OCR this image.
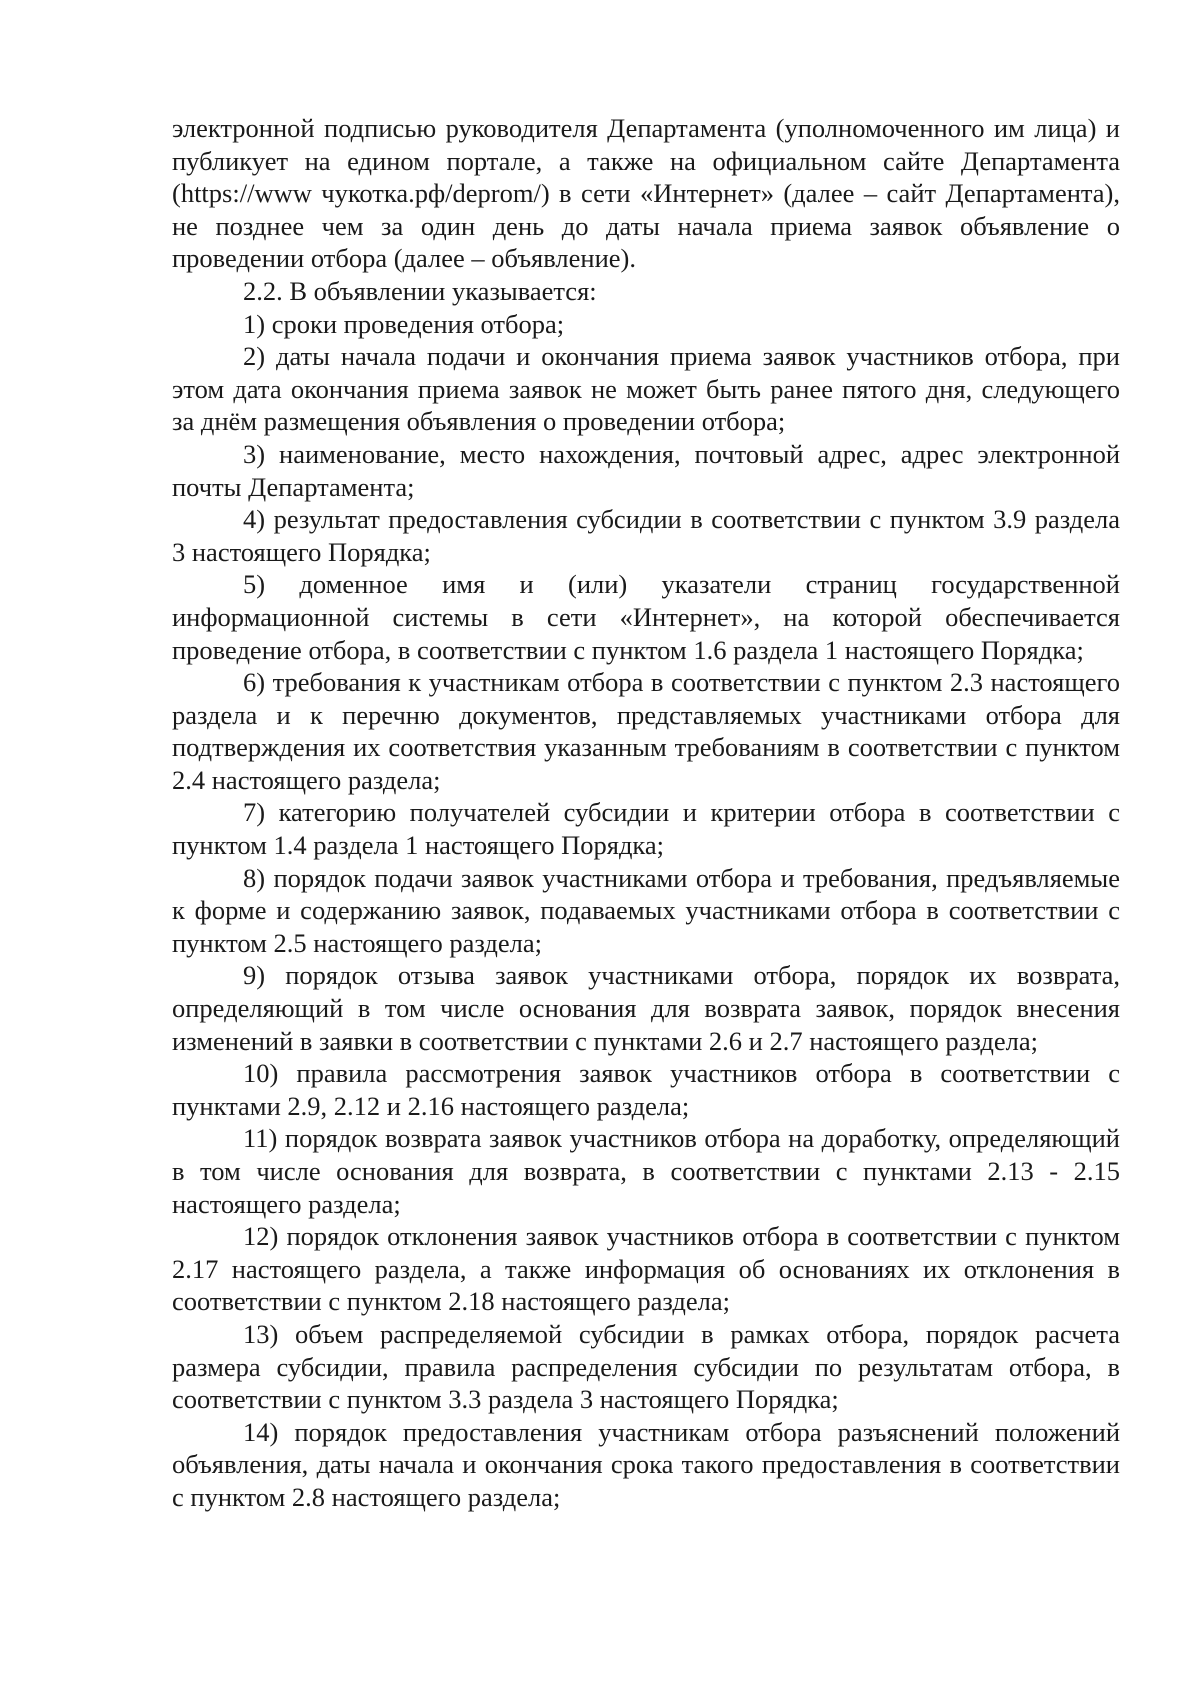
электронной подписью руководителя Департамента (уполномоченного им лица) и публикует на едином портале, а также на официальном сайте Департамента (https://www чукотка.рф/deprom/) в сети «Интернет» (далее – сайт Департамента), не позднее чем за один день до даты начала приема заявок объявление о проведении отбора (далее – объявление).

2.2. В объявлении указывается:

1) сроки проведения отбора;

2) даты начала подачи и окончания приема заявок участников отбора, при этом дата окончания приема заявок не может быть ранее пятого дня, следующего за днём размещения объявления о проведении отбора;

3) наименование, место нахождения, почтовый адрес, адрес электронной почты Департамента;

4) результат предоставления субсидии в соответствии с пунктом 3.9 раздела 3 настоящего Порядка;

5) доменное имя и (или) указатели страниц государственной информационной системы в сети «Интернет», на которой обеспечивается проведение отбора, в соответствии с пунктом 1.6 раздела 1 настоящего Порядка;

6) требования к участникам отбора в соответствии с пунктом 2.3 настоящего раздела и к перечню документов, представляемых участниками отбора для подтверждения их соответствия указанным требованиям в соответствии с пунктом 2.4 настоящего раздела;

7) категорию получателей субсидии и критерии отбора в соответствии с пунктом 1.4 раздела 1 настоящего Порядка;

8) порядок подачи заявок участниками отбора и требования, предъявляемые к форме и содержанию заявок, подаваемых участниками отбора в соответствии с пунктом 2.5 настоящего раздела;

9) порядок отзыва заявок участниками отбора, порядок их возврата, определяющий в том числе основания для возврата заявок, порядок внесения изменений в заявки в соответствии с пунктами 2.6 и 2.7 настоящего раздела;

10) правила рассмотрения заявок участников отбора в соответствии с пунктами 2.9, 2.12 и 2.16 настоящего раздела;

11) порядок возврата заявок участников отбора на доработку, определяющий в том числе основания для возврата, в соответствии с пунктами 2.13 - 2.15 настоящего раздела;

12) порядок отклонения заявок участников отбора в соответствии с пунктом 2.17 настоящего раздела, а также информация об основаниях их отклонения в соответствии с пунктом 2.18 настоящего раздела;

13) объем распределяемой субсидии в рамках отбора, порядок расчета размера субсидии, правила распределения субсидии по результатам отбора, в соответствии с пунктом 3.3 раздела 3 настоящего Порядка;

14) порядок предоставления участникам отбора разъяснений положений объявления, даты начала и окончания срока такого предоставления в соответствии с пунктом 2.8 настоящего раздела;
